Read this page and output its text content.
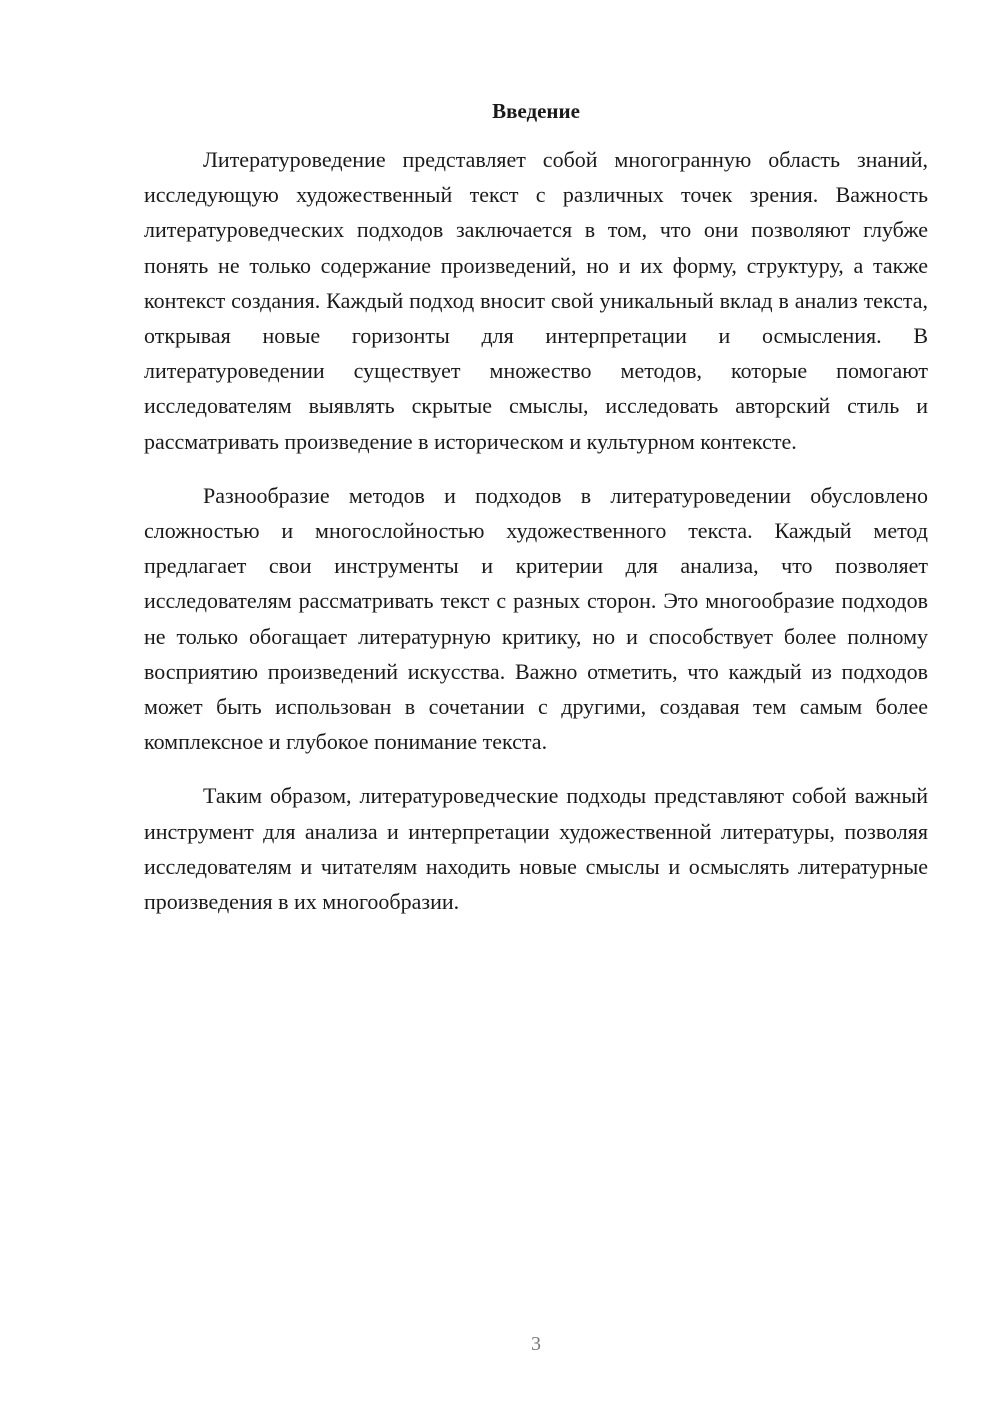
Введение

Литературоведение представляет собой многогранную область знаний, исследующую художественный текст с различных точек зрения. Важность литературоведческих подходов заключается в том, что они позволяют глубже понять не только содержание произведений, но и их форму, структуру, а также контекст создания. Каждый подход вносит свой уникальный вклад в анализ текста, открывая новые горизонты для интерпретации и осмысления. В литературоведении существует множество методов, которые помогают исследователям выявлять скрытые смыслы, исследовать авторский стиль и рассматривать произведение в историческом и культурном контексте.

Разнообразие методов и подходов в литературоведении обусловлено сложностью и многослойностью художественного текста. Каждый метод предлагает свои инструменты и критерии для анализа, что позволяет исследователям рассматривать текст с разных сторон. Это многообразие подходов не только обогащает литературную критику, но и способствует более полному восприятию произведений искусства. Важно отметить, что каждый из подходов может быть использован в сочетании с другими, создавая тем самым более комплексное и глубокое понимание текста.

Таким образом, литературоведческие подходы представляют собой важный инструмент для анализа и интерпретации художественной литературы, позволяя исследователям и читателям находить новые смыслы и осмыслять литературные произведения в их многообразии.

3
